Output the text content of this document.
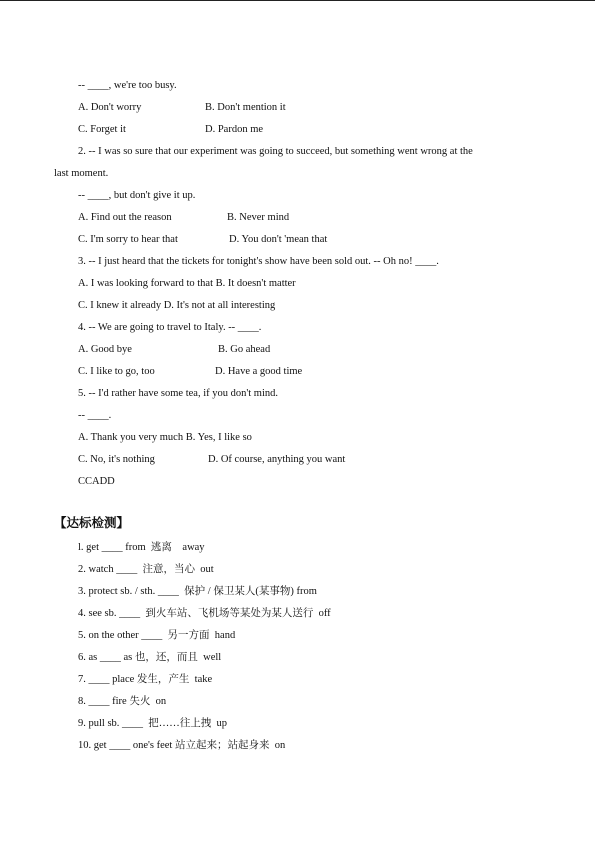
-- ____, we're too busy.
A. Don't worry	B. Don't mention it
C. Forget it	D. Pardon me
2. -- I was so sure that our experiment was going to succeed, but something went wrong at the
last moment.
-- ____, but don't give it up.
A. Find out the reason	B. Never mind
C. I'm sorry to hear that	D. You don't 'mean that
3. -- I just heard that the tickets for tonight's show have been sold out. -- Oh no! ____.
A. I was looking forward to that B. It doesn't matter
C. I knew it already D. It's not at all interesting
4. -- We are going to travel to Italy. -- ____.
A. Good bye	B. Go ahead
C. I like to go, too	D. Have a good time
5. -- I'd rather have some tea, if you don't mind.
-- ____.
A. Thank you very much B. Yes, I like so
C. No, it's nothing	D. Of course, anything you want
CCADD
【达标检测】
l. get ____ from 逃离 away
2. watch ____ 注意，当心 out
3. protect sb. / sth. ____ 保护 / 保卫某人(某事物) from
4. see sb. ____ 到火车站、飞机场等某处为某人送行 off
5. on the other ____ 另一方面 hand
6. as ____ as 也，还，而且 well
7. ____ place 发生，产生 take
8. ____ fire 失火 on
9. pull sb. ____ 把……往上拽 up
10. get ____ one's feet 站立起来；站起身来 on
